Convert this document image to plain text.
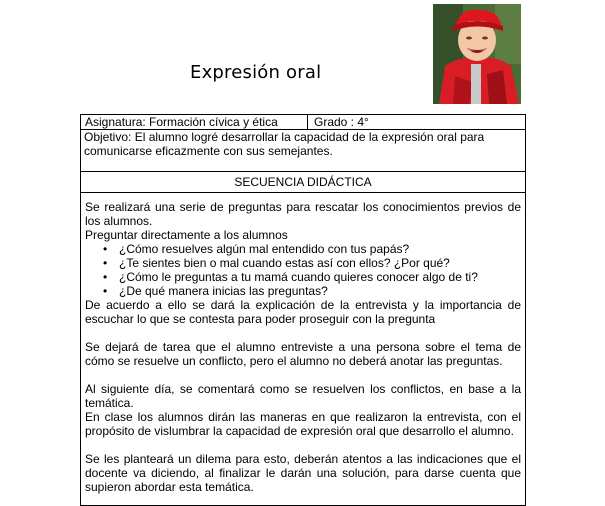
Expresión oral
Asignatura: Formación cívica y ética	Grado : 4°
Objetivo: El alumno logré desarrollar la capacidad de la expresión oral para comunicarse eficazmente con sus semejantes.
SECUENCIA DIDÁCTICA

Se realizará una serie de preguntas para rescatar los conocimientos previos de los alumnos.

Preguntar directamente a los alumnos

• ¿Cómo resuelves algún mal entendido con tus papás?
• ¿Te sientes bien o mal cuando estas así con ellos? ¿Por qué?
• ¿Cómo le preguntas a tu mamá cuando quieres conocer algo de ti?
• ¿De qué manera inicias las preguntas?

De acuerdo a ello se dará la explicación de la entrevista y la importancia de escuchar lo que se contesta para poder proseguir con la pregunta

Se dejará de tarea que el alumno entreviste a una persona sobre el tema de cómo se resuelve un conflicto, pero el alumno no deberá anotar las preguntas.

Al siguiente día, se comentará como se resuelven los conflictos, en base a la temática.

En clase los alumnos dirán las maneras en que realizaron la entrevista, con el propósito de vislumbrar la capacidad de expresión oral que desarrollo el alumno.

Se les planteará un dilema para esto, deberán atentos a las indicaciones que el docente va diciendo, al finalizar le darán una solución, para darse cuenta que supieron abordar esta temática.
